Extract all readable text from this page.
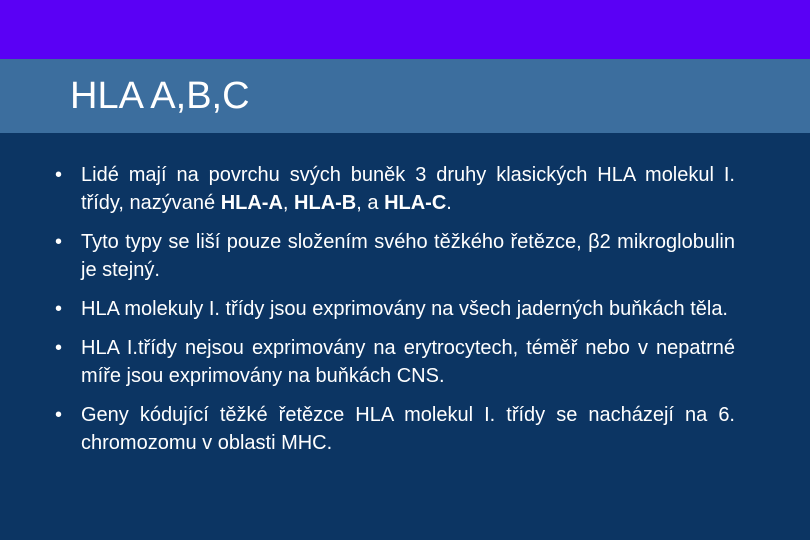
HLA A,B,C
• Lidé mají na povrchu svých buněk 3 druhy klasických HLA molekul I. třídy, nazývané HLA-A, HLA-B, a HLA-C.
• Tyto typy se liší pouze složením svého těžkého řetězce, β2 mikroglobulin je stejný.
• HLA molekuly I. třídy jsou exprimovány na všech jaderných buňkách těla.
• HLA I.třídy nejsou exprimovány na erytrocytech, téměř nebo v nepatrné míře jsou exprimovány na buňkách CNS.
• Geny kódující těžké řetězce HLA molekul I. třídy se nacházejí na 6. chromozomu v oblasti MHC.
